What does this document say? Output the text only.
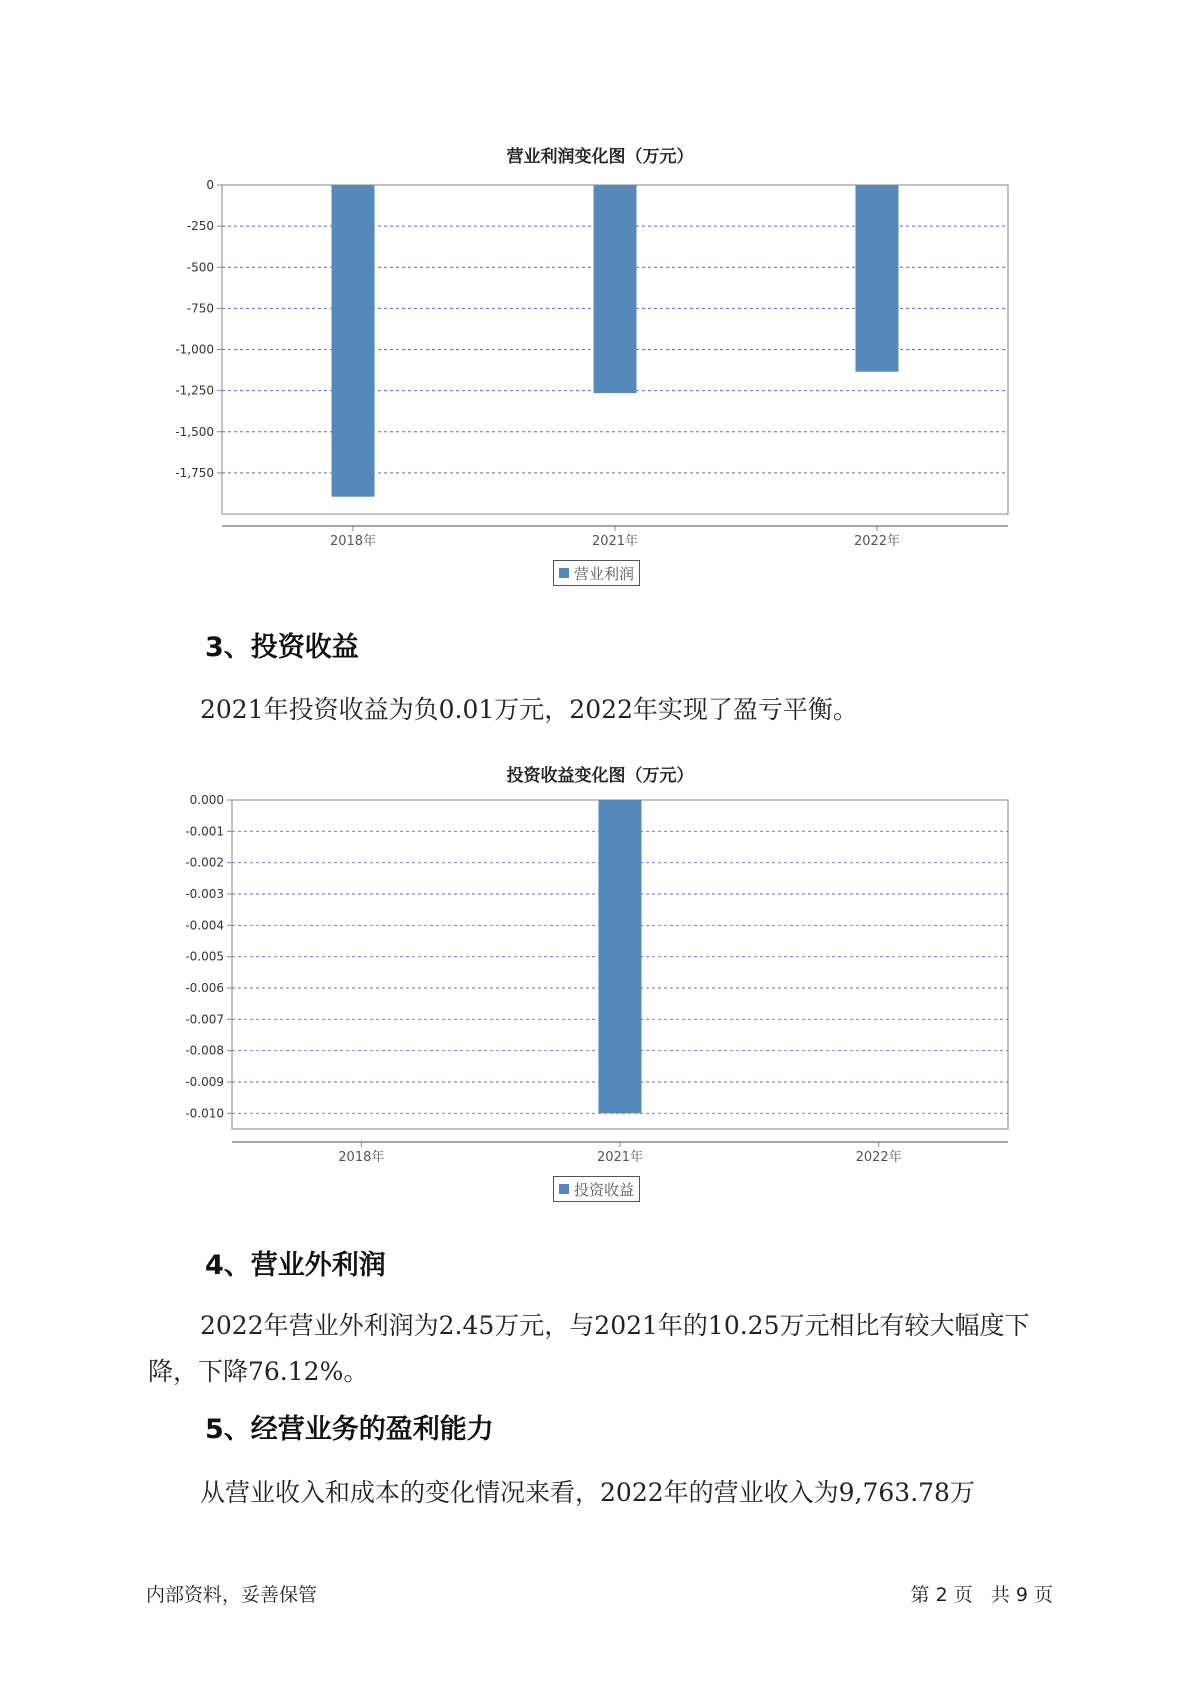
营业利润变化图（万元）
0
-250
-500
-750
-1,000
-1,250
-1,500
-1,750
2018年	2021年	2022年
营业利润
3、投资收益

2021年投资收益为负0.01万元，2022年实现了盈亏平衡。

投资收益变化图（万元）
0.000
-0.001
-0.002
-0.003
-0.004
-0.005
-0.006
-0.007
-0.008
-0.009
-0.010
2018年	2021年	2022年
投资收益
4、营业外利润

2022年营业外利润为2.45万元，与2021年的10.25万元相比有较大幅度下降，下降76.12%。

5、经营业务的盈利能力

从营业收入和成本的变化情况来看，2022年的营业收入为9,763.78万

内部资料，妥善保管	第 2 页   共 9 页
